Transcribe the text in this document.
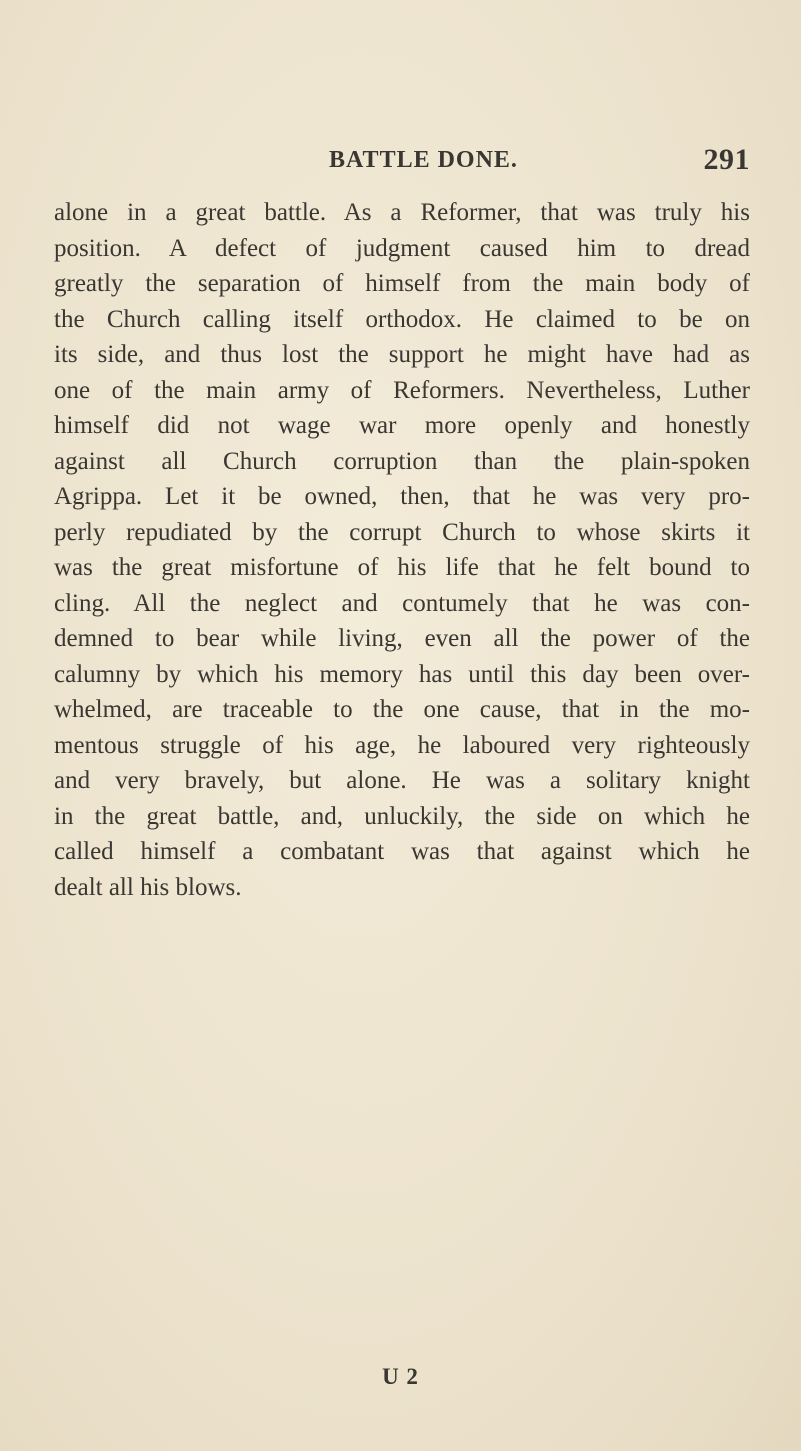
BATTLE DONE.	291
alone in a great battle. As a Reformer, that was truly his
position. A defect of judgment caused him to dread
greatly the separation of himself from the main body of
the Church calling itself orthodox. He claimed to be on
its side, and thus lost the support he might have had as
one of the main army of Reformers. Nevertheless, Luther
himself did not wage war more openly and honestly
against all Church corruption than the plain-spoken
Agrippa. Let it be owned, then, that he was very pro-
perly repudiated by the corrupt Church to whose skirts it
was the great misfortune of his life that he felt bound to
cling. All the neglect and contumely that he was con-
demned to bear while living, even all the power of the
calumny by which his memory has until this day been over-
whelmed, are traceable to the one cause, that in the mo-
mentous struggle of his age, he laboured very righteously
and very bravely, but alone. He was a solitary knight
in the great battle, and, unluckily, the side on which he
called himself a combatant was that against which he
dealt all his blows.
U 2
